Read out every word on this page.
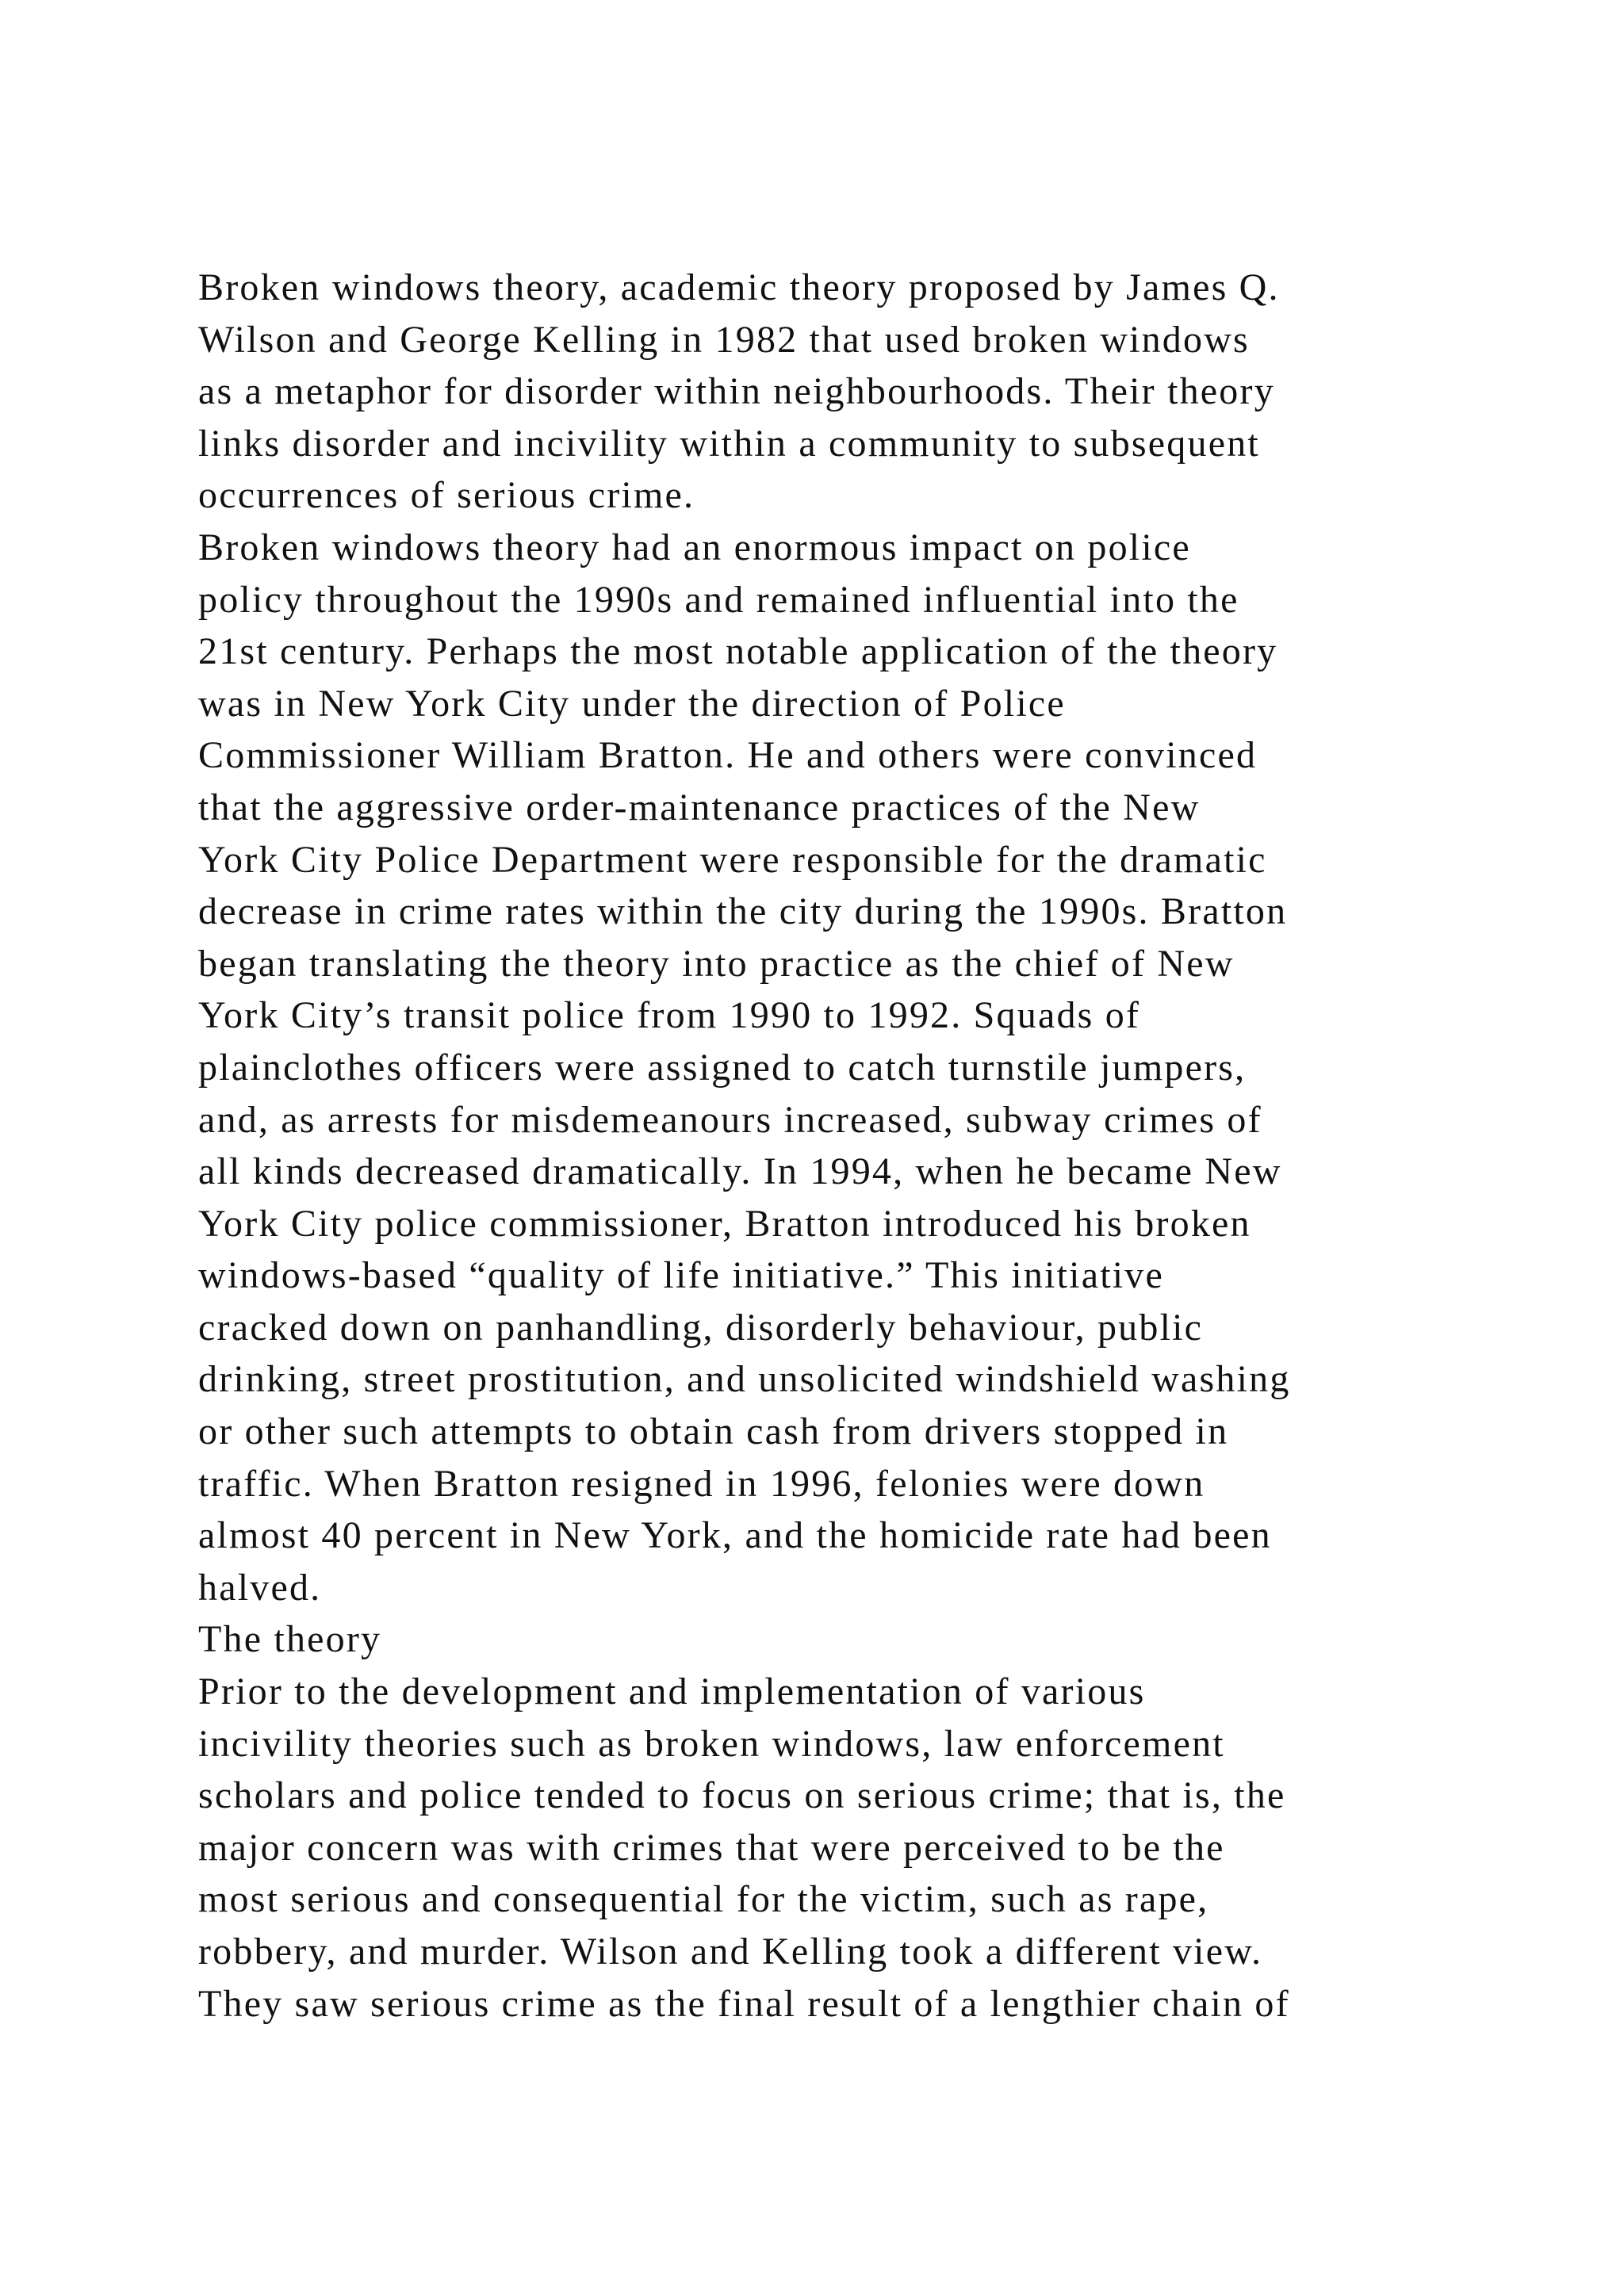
Broken windows theory, academic theory proposed by James Q.
Wilson and George Kelling in 1982 that used broken windows
as a metaphor for disorder within neighbourhoods. Their theory
links disorder and incivility within a community to subsequent
occurrences of serious crime.
Broken windows theory had an enormous impact on police
policy throughout the 1990s and remained influential into the
21st century. Perhaps the most notable application of the theory
was in New York City under the direction of Police
Commissioner William Bratton. He and others were convinced
that the aggressive order-maintenance practices of the New
York City Police Department were responsible for the dramatic
decrease in crime rates within the city during the 1990s. Bratton
began translating the theory into practice as the chief of New
York City’s transit police from 1990 to 1992. Squads of
plainclothes officers were assigned to catch turnstile jumpers,
and, as arrests for misdemeanours increased, subway crimes of
all kinds decreased dramatically. In 1994, when he became New
York City police commissioner, Bratton introduced his broken
windows-based “quality of life initiative.” This initiative
cracked down on panhandling, disorderly behaviour, public
drinking, street prostitution, and unsolicited windshield washing
or other such attempts to obtain cash from drivers stopped in
traffic. When Bratton resigned in 1996, felonies were down
almost 40 percent in New York, and the homicide rate had been
halved.
The theory
Prior to the development and implementation of various
incivility theories such as broken windows, law enforcement
scholars and police tended to focus on serious crime; that is, the
major concern was with crimes that were perceived to be the
most serious and consequential for the victim, such as rape,
robbery, and murder. Wilson and Kelling took a different view.
They saw serious crime as the final result of a lengthier chain of
